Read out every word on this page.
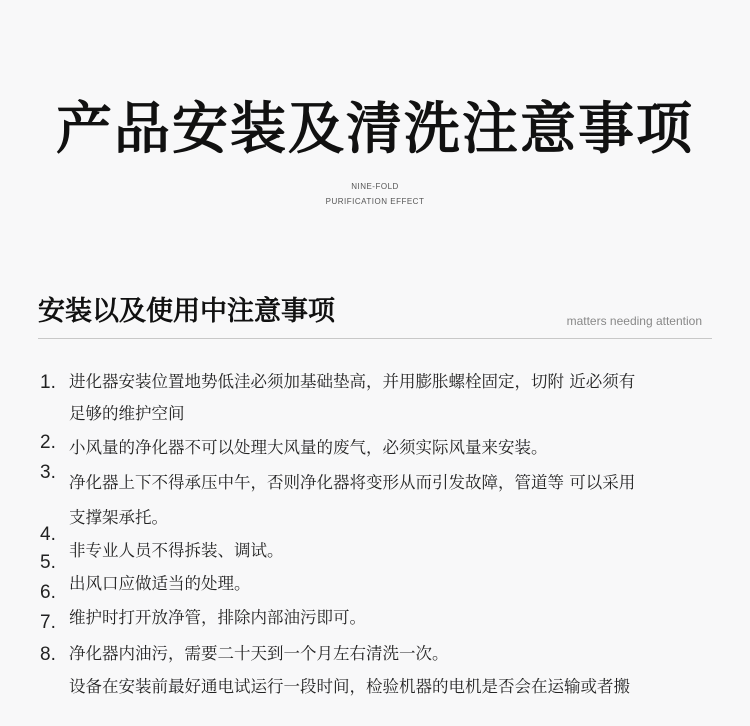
产品安装及清洗注意事项
NINE-FOLD
PURIFICATION EFFECT
安装以及使用中注意事项	matters needing attention
1.
2.
3.
4.
5.
6.
7.
8.
进化器安装位置地势低洼必须加基础垫高，并用膨胀螺栓固定，切附 近必须有
足够的维护空间
小风量的净化器不可以处理大风量的废气，必须实际风量来安装。
净化器上下不得承压中午，否则净化器将变形从而引发故障，管道等 可以采用
支撑架承托。
非专业人员不得拆装、调试。
出风口应做适当的处理。
维护时打开放净管，排除内部油污即可。
净化器内油污，需要二十天到一个月左右清洗一次。
设备在安装前最好通电试运行一段时间，检验机器的电机是否会在运输或者搬
